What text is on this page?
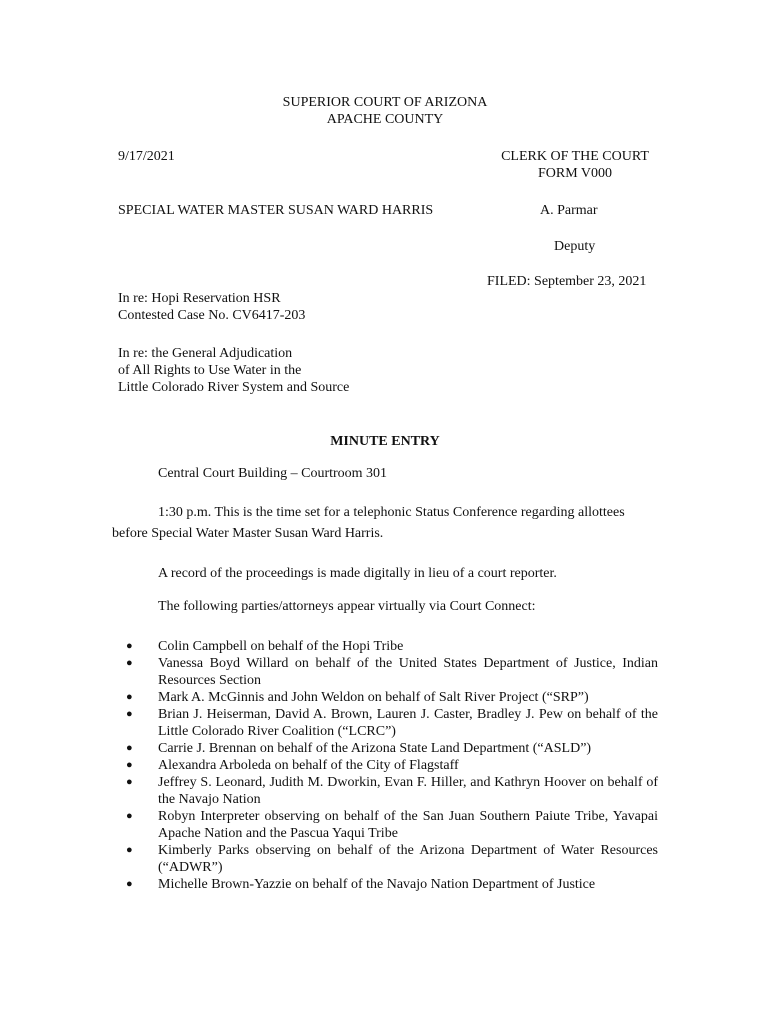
SUPERIOR COURT OF ARIZONA
APACHE COUNTY
9/17/2021	CLERK OF THE COURT
FORM V000
SPECIAL WATER MASTER SUSAN WARD HARRIS	A. Parmar
Deputy
FILED: September 23, 2021
In re: Hopi Reservation HSR
Contested Case No. CV6417-203
In re: the General Adjudication
of All Rights to Use Water in the
Little Colorado River System and Source
MINUTE ENTRY
Central Court Building – Courtroom 301
1:30 p.m. This is the time set for a telephonic Status Conference regarding allottees before Special Water Master Susan Ward Harris.
A record of the proceedings is made digitally in lieu of a court reporter.
The following parties/attorneys appear virtually via Court Connect:
● Colin Campbell on behalf of the Hopi Tribe
● Vanessa Boyd Willard on behalf of the United States Department of Justice, Indian Resources Section
● Mark A. McGinnis and John Weldon on behalf of Salt River Project (“SRP”)
● Brian J. Heiserman, David A. Brown, Lauren J. Caster, Bradley J. Pew on behalf of the Little Colorado River Coalition (“LCRC”)
● Carrie J. Brennan on behalf of the Arizona State Land Department (“ASLD”)
● Alexandra Arboleda on behalf of the City of Flagstaff
● Jeffrey S. Leonard, Judith M. Dworkin, Evan F. Hiller, and Kathryn Hoover on behalf of the Navajo Nation
● Robyn Interpreter observing on behalf of the San Juan Southern Paiute Tribe, Yavapai Apache Nation and the Pascua Yaqui Tribe
● Kimberly Parks observing on behalf of the Arizona Department of Water Resources (“ADWR”)
● Michelle Brown-Yazzie on behalf of the Navajo Nation Department of Justice
